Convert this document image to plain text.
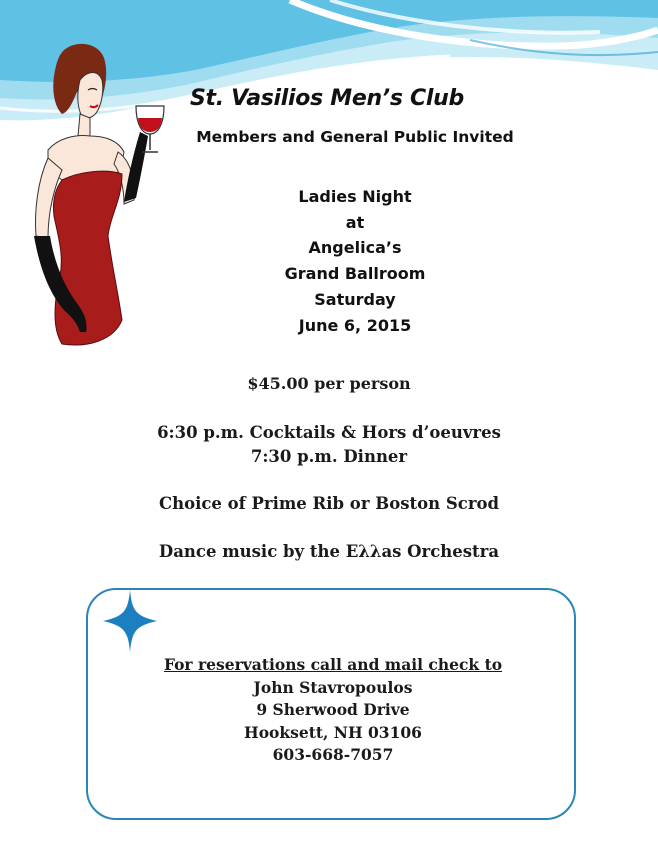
St. Vasilios Men’s Club
Members and General Public Invited
Ladies Night
at
Angelica’s
Grand Ballroom
Saturday
June 6, 2015
$45.00 per person
6:30 p.m. Cocktails & Hors d’oeuvres
7:30 p.m. Dinner
Choice of Prime Rib or Boston Scrod
Dance music by the Eλλas Orchestra
For reservations call and mail check to
John Stavropoulos
9 Sherwood Drive
Hooksett, NH 03106
603-668-7057
